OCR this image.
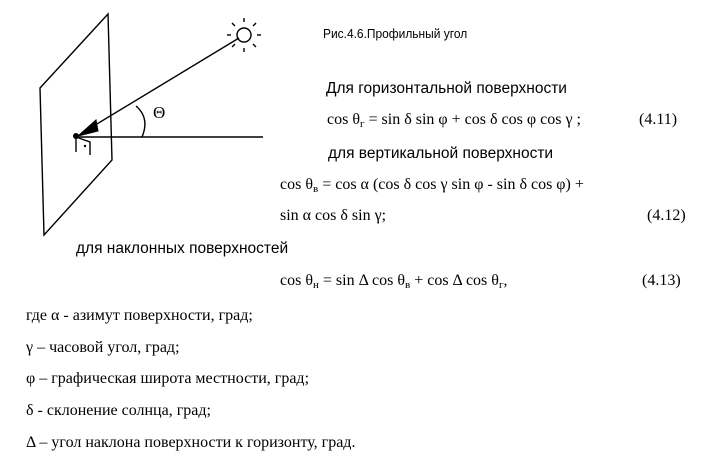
Θ
Рис.4.6.Профильный угол
Для горизонтальной поверхности
$\cos \theta_г = \sin \delta$ sin φ + cos δ cos φ cos γ ;	(4.11)
для вертикальной поверхности
$\cos \theta_в = \cos \alpha$ (cos δ cos γ sin φ - sin δ cos φ) +
sin α cos δ sin γ;	(4.12)
для наклонных поверхностей
$\cos \theta_н = \sin \Delta$ $\cos \theta_в + \cos \Delta$ $\cos \theta_г$,	(4.13)
где α - азимут поверхности, град;
γ – часовой угол, град;
φ – графическая широта местности, град;
δ - склонение солнца, град;
Δ – угол наклона поверхности к горизонту, град.
